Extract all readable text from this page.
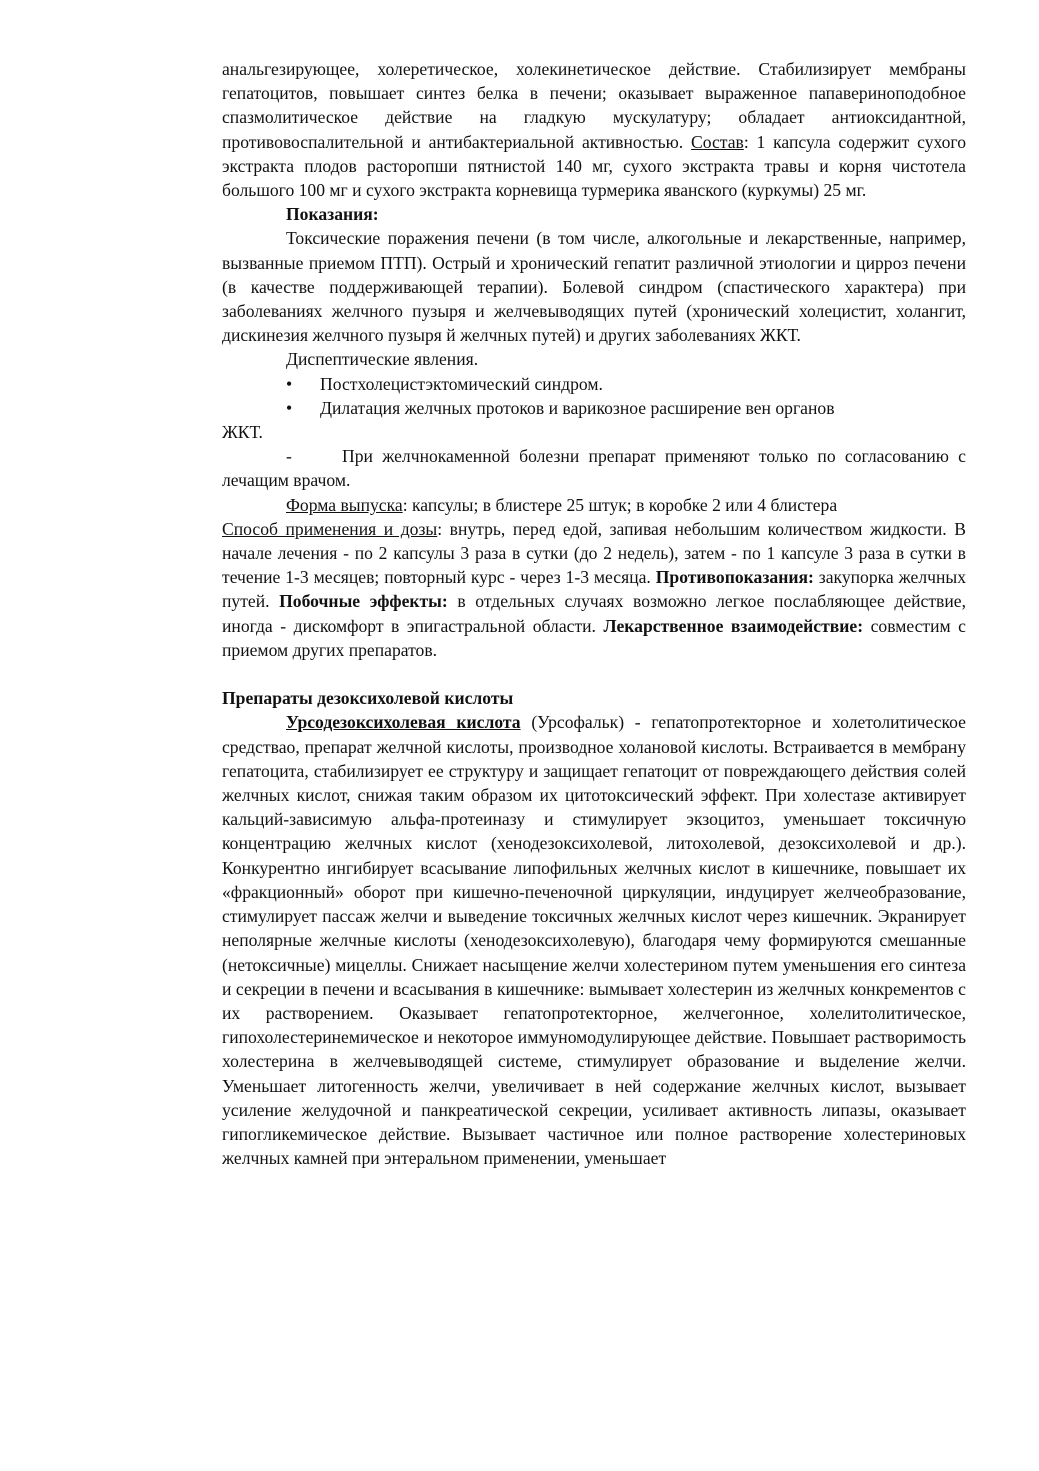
анальгезирующее, холеретическое, холекинетическое действие. Стабилизирует мембраны гепатоцитов, повышает синтез белка в печени; оказывает выраженное папавериноподобное спазмолитическое действие на гладкую мускулатуру; обладает антиоксидантной, противовоспалительной и антибактериальной активностью. Состав: 1 капсула содержит сухого экстракта плодов расторопши пятнистой 140 мг, сухого экстракта травы и корня чистотела большого 100 мг и сухого экстракта корневища турмерика яванского (куркумы) 25 мг.

Показания:

Токсические поражения печени (в том числе, алкогольные и лекарственные, например, вызванные приемом ПТП). Острый и хронический гепатит различной этиологии и цирроз печени (в качестве поддерживающей терапии). Болевой синдром (спастического характера) при заболеваниях желчного пузыря и желчевыводящих путей (хронический холецистит, холангит, дискинезия желчного пузыря й желчных путей) и других заболеваниях ЖКТ.

Диспептические явления.

•	Постхолецистэктомический синдром.
•	Дилатация желчных протоков и варикозное расширение вен органов

ЖКТ.

-	При желчнокаменной болезни препарат применяют только по согласованию с лечащим врачом.

Форма выпуска: капсулы; в блистере 25 штук; в коробке 2 или 4 блистера

Способ применения и дозы: внутрь, перед едой, запивая небольшим количеством жидкости. В начале лечения - по 2 капсулы 3 раза в сутки (до 2 недель), затем - по 1 капсуле 3 раза в сутки в течение 1-3 месяцев; повторный курс - через 1-3 месяца. Противопоказания: закупорка желчных путей. Побочные эффекты: в отдельных случаях возможно легкое послабляющее действие, иногда - дискомфорт в эпигастральной области. Лекарственное взаимодействие: совместим с приемом других препаратов.

Препараты дезоксихолевой кислоты

Урсодезоксихолевая кислота (Урсофальк) - гепатопротекторное и холетолитическое средствао, препарат желчной кислоты, производное холановой кислоты. Встраивается в мембрану гепатоцита, стабилизирует ее структуру и защищает гепатоцит от повреждающего действия солей желчных кислот, снижая таким образом их цитотоксический эффект. При холестазе активирует кальций-зависимую альфа-протеиназу и стимулирует экзоцитоз, уменьшает токсичную концентрацию желчных кислот (хенодезоксихолевой, литохолевой, дезоксихолевой и др.). Конкурентно ингибирует всасывание липофильных желчных кислот в кишечнике, повышает их «фракционный» оборот при кишечно-печеночной циркуляции, индуцирует желчеобразование, стимулирует пассаж желчи и выведение токсичных желчных кислот через кишечник. Экранирует неполярные желчные кислоты (хенодезоксихолевую), благодаря чему формируются смешанные (нетоксичные) мицеллы. Снижает насыщение желчи холестерином путем уменьшения его синтеза и секреции в печени и всасывания в кишечнике: вымывает холестерин из желчных конкрементов с их растворением. Оказывает гепатопротекторное, желчегонное, холелитолитическое, гипохолестеринемическое и некоторое иммуномодулирующее действие. Повышает растворимость холестерина в желчевыводящей системе, стимулирует образование и выделение желчи. Уменьшает литогенность желчи, увеличивает в ней содержание желчных кислот, вызывает усиление желудочной и панкреатической секреции, усиливает активность липазы, оказывает гипогликемическое действие. Вызывает частичное или полное растворение холестериновых желчных камней при энтеральном применении, уменьшает
